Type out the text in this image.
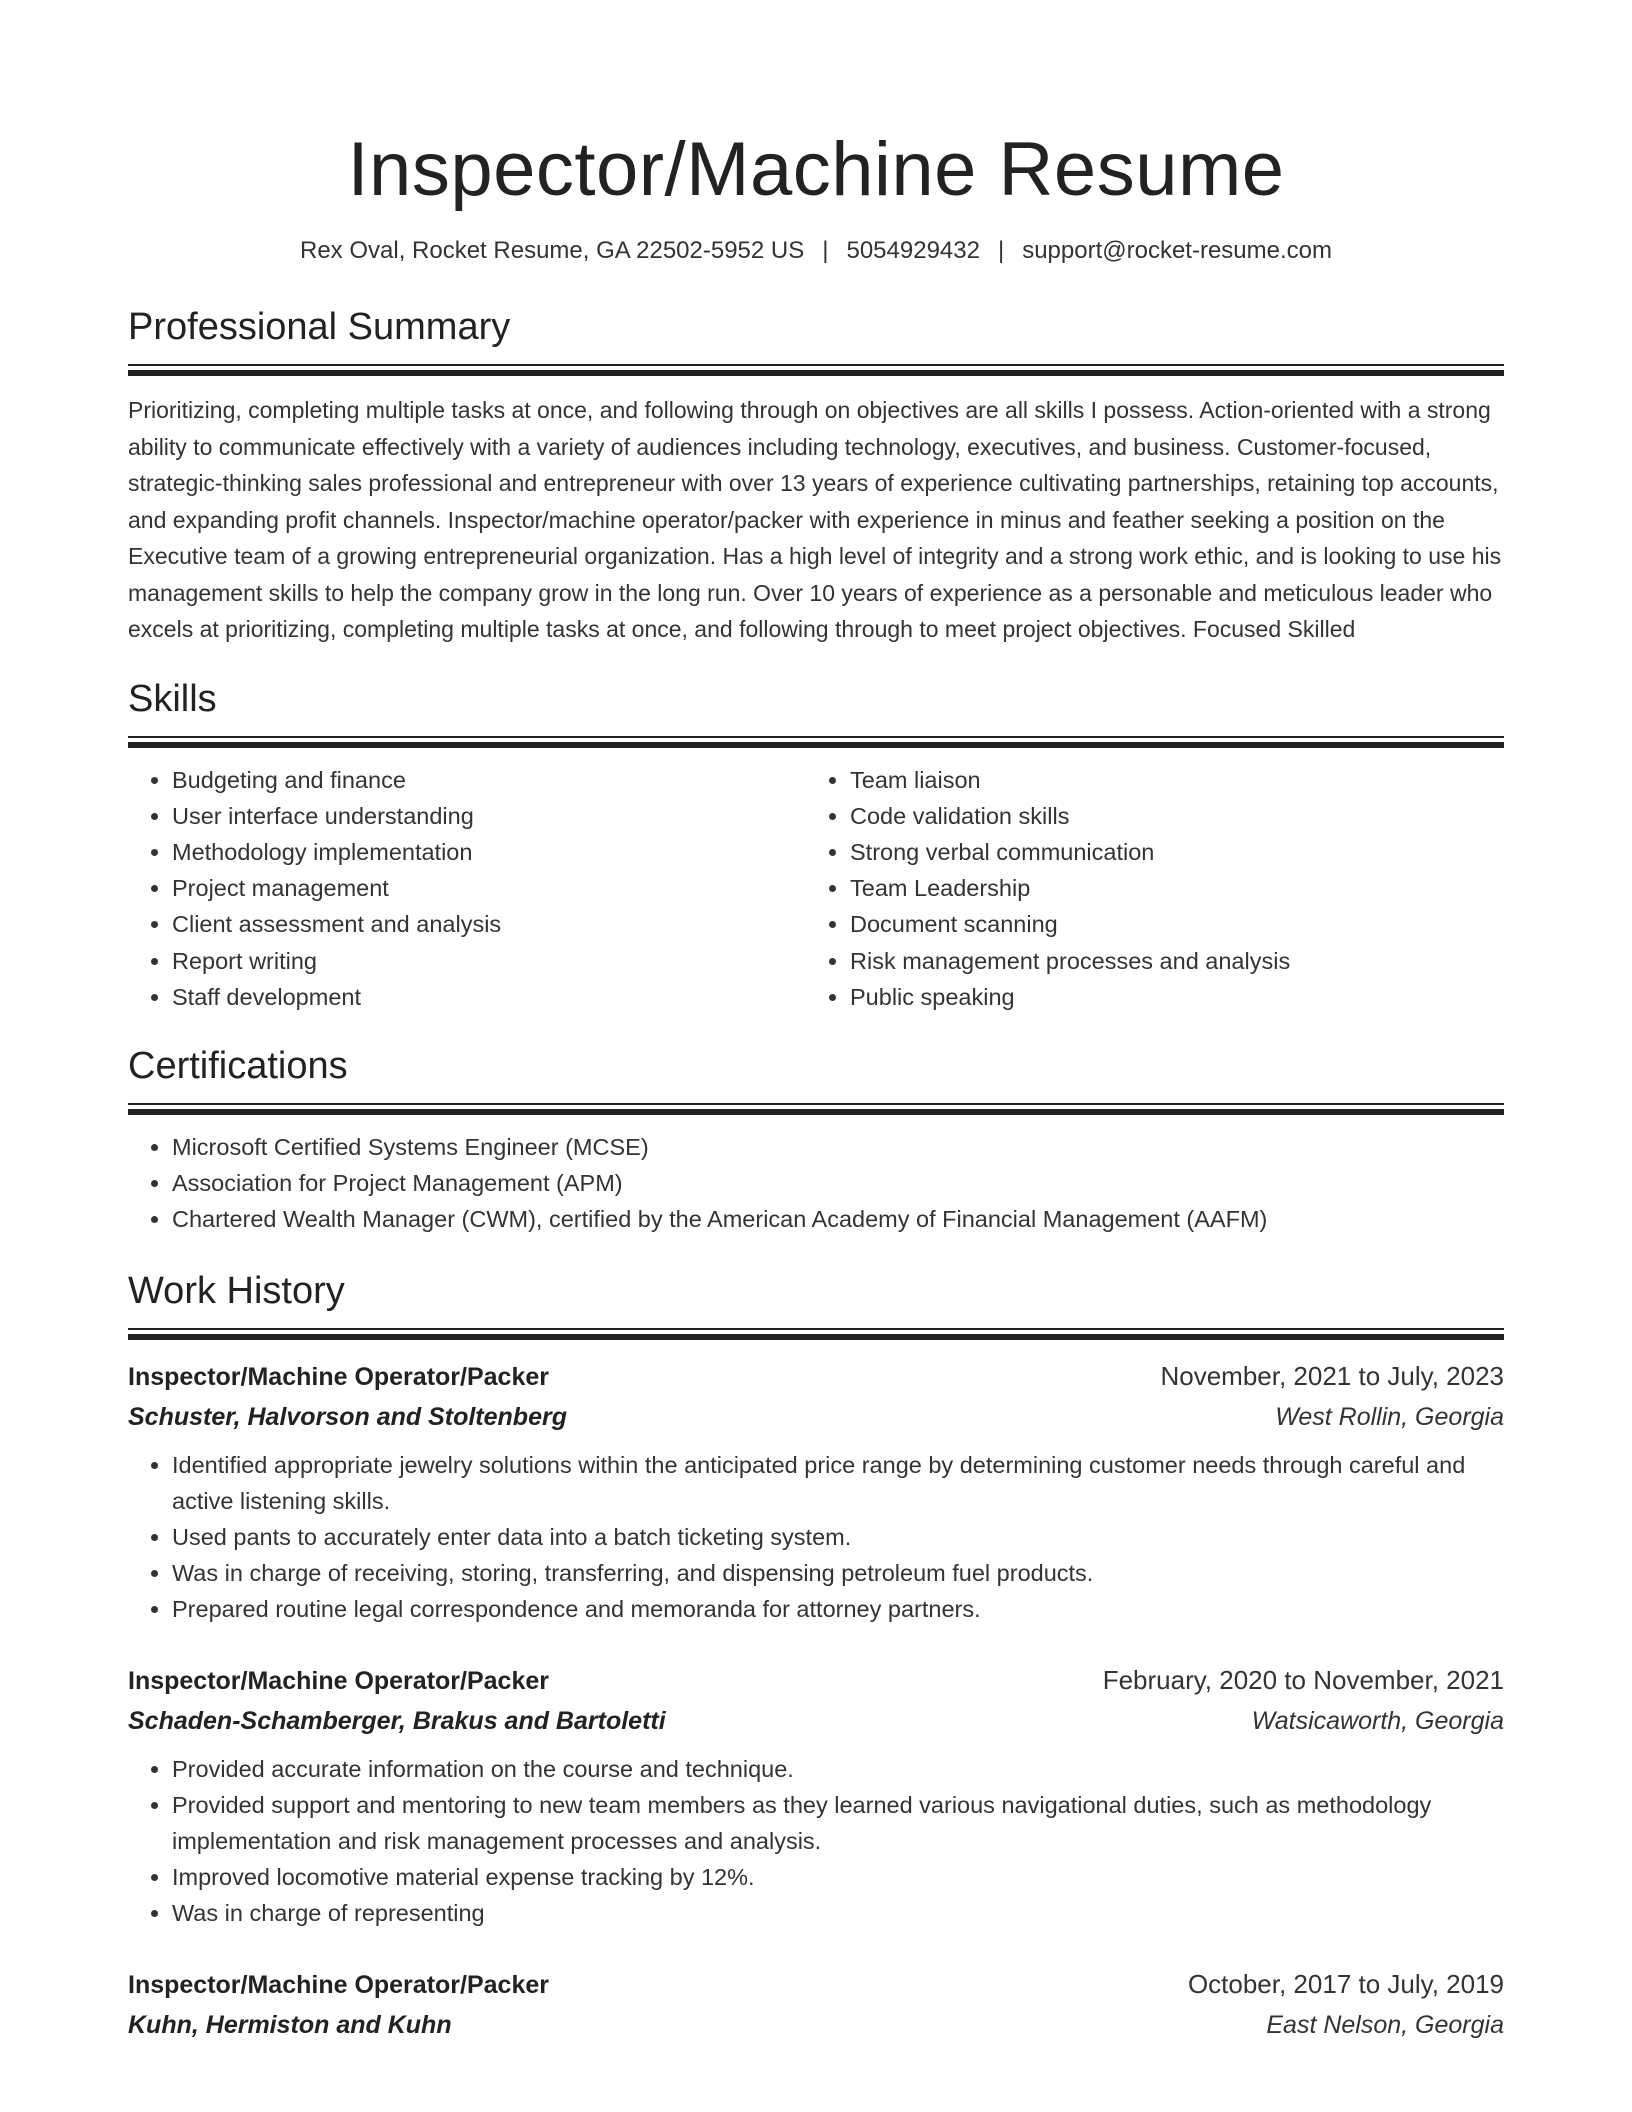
Inspector/Machine Resume
Rex Oval, Rocket Resume, GA 22502-5952 US | 5054929432 | support@rocket-resume.com
Professional Summary

Prioritizing, completing multiple tasks at once, and following through on objectives are all skills I possess. Action-oriented with a strong ability to communicate effectively with a variety of audiences including technology, executives, and business. Customer-focused, strategic-thinking sales professional and entrepreneur with over 13 years of experience cultivating partnerships, retaining top accounts, and expanding profit channels. Inspector/machine operator/packer with experience in minus and feather seeking a position on the Executive team of a growing entrepreneurial organization. Has a high level of integrity and a strong work ethic, and is looking to use his management skills to help the company grow in the long run. Over 10 years of experience as a personable and meticulous leader who excels at prioritizing, completing multiple tasks at once, and following through to meet project objectives. Focused Skilled

Skills
• Budgeting and finance
• User interface understanding
• Methodology implementation
• Project management
• Client assessment and analysis
• Report writing
• Staff development
• Team liaison
• Code validation skills
• Strong verbal communication
• Team Leadership
• Document scanning
• Risk management processes and analysis
• Public speaking
Certifications
• Microsoft Certified Systems Engineer (MCSE)
• Association for Project Management (APM)
• Chartered Wealth Manager (CWM), certified by the American Academy of Financial Management (AAFM)
Work History
Inspector/Machine Operator/Packer	November, 2021 to July, 2023
Schuster, Halvorson and Stoltenberg	West Rollin, Georgia
• Identified appropriate jewelry solutions within the anticipated price range by determining customer needs through careful and active listening skills.
• Used pants to accurately enter data into a batch ticketing system.
• Was in charge of receiving, storing, transferring, and dispensing petroleum fuel products.
• Prepared routine legal correspondence and memoranda for attorney partners.
Inspector/Machine Operator/Packer	February, 2020 to November, 2021
Schaden-Schamberger, Brakus and Bartoletti	Watsicaworth, Georgia
• Provided accurate information on the course and technique.
• Provided support and mentoring to new team members as they learned various navigational duties, such as methodology implementation and risk management processes and analysis.
• Improved locomotive material expense tracking by 12%.
• Was in charge of representing
Inspector/Machine Operator/Packer	October, 2017 to July, 2019
Kuhn, Hermiston and Kuhn	East Nelson, Georgia
